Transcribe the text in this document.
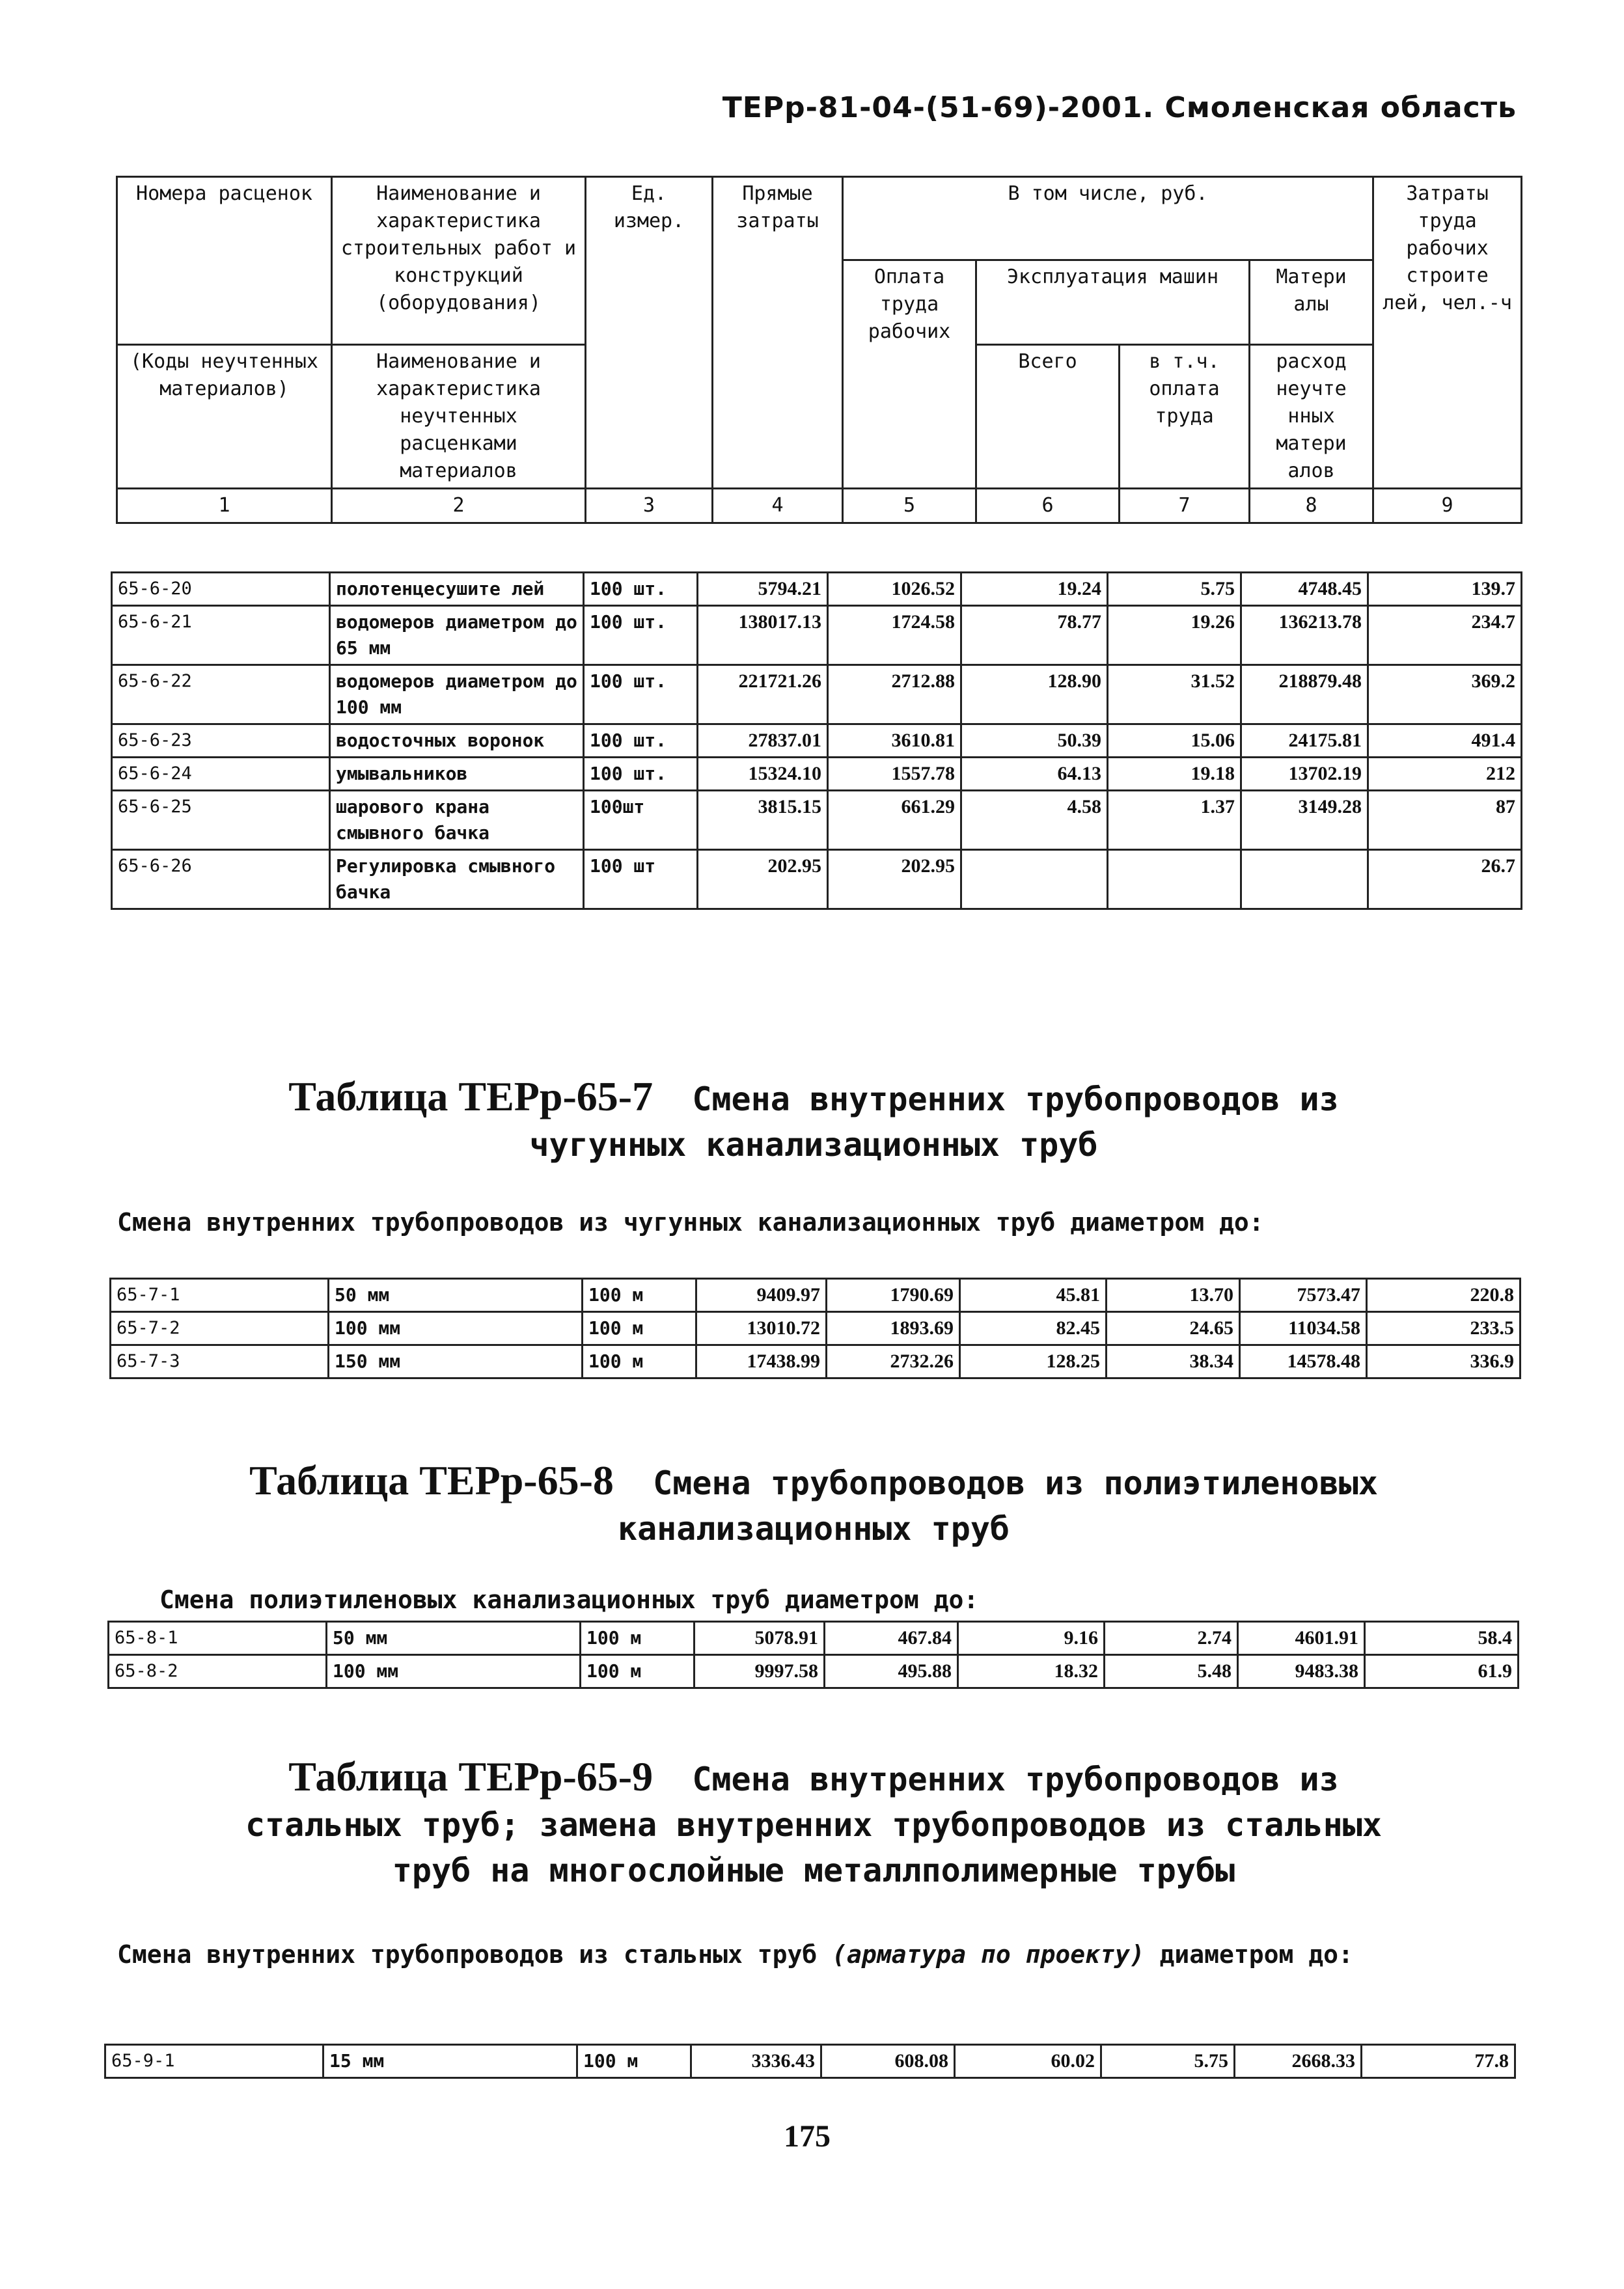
ТЕРр-81-04-(51-69)-2001. Смоленская область
Номера расценок	Наименование и характеристика строительных работ и конструкций (оборудования)	Ед. измер.	Прямые затраты	В том числе, руб.				Затраты труда рабочих строите лей, чел.-ч
				Оплата труда рабочих	Эксплуатация машин		Матери алы	
(Коды неучтенных материалов)	Наименование и характеристика неучтенных расценками материалов				Всего	в т.ч. оплата труда	расход неучте нных матери алов	

1	2	3	4	5	6	7	8	9
65-6-20	полотенцесушите лей	100 шт.	5794.21	1026.52	19.24	5.75	4748.45	139.7
65-6-21	водомеров диаметром до 65 мм	100 шт.	138017.13	1724.58	78.77	19.26	136213.78	234.7
65-6-22	водомеров диаметром до 100 мм	100 шт.	221721.26	2712.88	128.90	31.52	218879.48	369.2
65-6-23	водосточных воронок	100 шт.	27837.01	3610.81	50.39	15.06	24175.81	491.4
65-6-24	умывальников	100 шт.	15324.10	1557.78	64.13	19.18	13702.19	212
65-6-25	шарового крана смывного бачка	100шт	3815.15	661.29	4.58	1.37	3149.28	87
65-6-26	Регулировка смывного бачка	100 шт	202.95	202.95				26.7
Таблица ТЕРр-65-7 Смена внутренних трубопроводов из
чугунных канализационных труб
Смена внутренних трубопроводов из чугунных канализационных труб диаметром до:
65-7-1	50 мм	100 м	9409.97	1790.69	45.81	13.70	7573.47	220.8
65-7-2	100 мм	100 м	13010.72	1893.69	82.45	24.65	11034.58	233.5
65-7-3	150 мм	100 м	17438.99	2732.26	128.25	38.34	14578.48	336.9
Таблица ТЕРр-65-8 Смена трубопроводов из полиэтиленовых
канализационных труб
Смена полиэтиленовых канализационных труб диаметром до:
65-8-1	50 мм	100 м	5078.91	467.84	9.16	2.74	4601.91	58.4
65-8-2	100 мм	100 м	9997.58	495.88	18.32	5.48	9483.38	61.9
Таблица ТЕРр-65-9 Смена внутренних трубопроводов из
стальных труб; замена внутренних трубопроводов из стальных
труб на многослойные металлполимерные трубы
Смена внутренних трубопроводов из стальных труб (арматура по проекту) диаметром до:
65-9-1	15 мм	100 м	3336.43	608.08	60.02	5.75	2668.33	77.8
175
